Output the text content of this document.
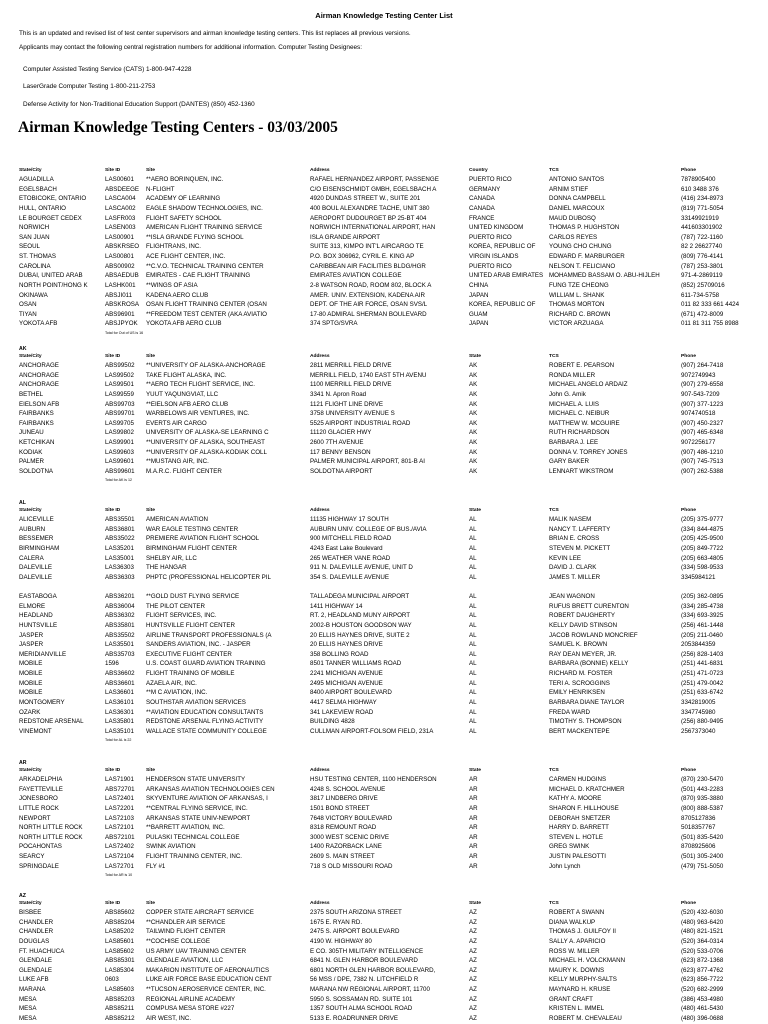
Airman Knowledge Testing Center List
This is an updated and revised list of test center supervisors and airman knowledge testing centers. This list replaces all previous versions.
Applicants may contact the following central registration numbers for additional information. Computer Testing Designees:
Computer Assisted Testing Service (CATS) 1-800-947-4228
LaserGrade Computer Testing 1-800-211-2753
Defense Activity for Non-Traditional Education Support (DANTES) (850) 452-1360
Airman Knowledge Testing Centers - 03/03/2005
State/City	Site ID	Site	Address	Country	TCS	Phone
AGUADILLA	LAS00601	**AERO BORINQUEN, INC.	RAFAEL HERNANDEZ AIRPORT, PASSENGE	PUERTO RICO	ANTONIO SANTOS	7878905400
EGELSBACH	ABSDEEGE	N-FLIGHT	C/O EISENSCHMIDT GMBH, EGELSBACH A	GERMANY	ARNIM STIEF	610 3488 376
ETOBICOKE, ONTARIO	LASCA004	ACADEMY OF LEARNING	4920 DUNDAS STREET W., SUITE 201	CANADA	DONNA CAMPBELL	(416) 234-8973
HULL, ONTARIO	LASCA002	EAGLE SHADOW TECHNOLOGIES, INC.	400 BOUL ALEXANDRE TACHE, UNIT 380	CANADA	DANIEL MARCOUX	(819) 771-5054
LE BOURGET CEDEX	LASFR003	FLIGHT SAFETY SCHOOL	AEROPORT DUDOURGET BP 25-BT 404	FRANCE	MAUD DUBOSQ	33149921919
NORWICH	LASEN003	AMERICAN FLIGHT TRAINING SERVICE	NORWICH INTERNATIONAL AIRPORT, HAN	UNITED KINGDOM	THOMAS P. HUGHSTON	441603301902
SAN JUAN	LAS00901	**ISLA GRANDE FLYING SCHOOL	ISLA GRANDE AIRPORT	PUERTO RICO	CARLOS REYES	(787) 722-1160
SEOUL	ABSKRSEO	FLIGHTRANS, INC.	SUITE 313, KIMPO INT'L AIRCARGO TE	KOREA, REPUBLIC OF	YOUNG CHO CHUNG	82 2 26627740
ST. THOMAS	LAS00801	ACE FLIGHT CENTER, INC.	P.O. BOX 306962, CYRIL E. KING AP	VIRGIN ISLANDS	EDWARD F. MARBURGER	(809) 776-4141
CAROLINA	ABS00902	**C.V.O. TECHNICAL TRAINING CENTER	CARIBBEAN AIR FACILITIES BLDG/HGR	PUERTO RICO	NELSON T. FELICIANO	(787) 253-3801
DUBAI, UNITED ARAB	ABSAEDUB	EMIRATES - CAE FLIGHT TRAINING	EMIRATES AVIATION COLLEGE	UNITED ARAB EMIRATES MOHAMMED BASSAM O. ABU-HIJLEH	971-4-2869119
NORTH POINT/HONG K	LASHK001	**WINGS OF ASIA	2-8 WATSON ROAD, ROOM 802, BLOCK A	CHINA	FUNG TZE CHEONG	(852) 25709016
OKINAWA	ABSJI011	KADENA AERO CLUB	AMER. UNIV. EXTENSION, KADENA AIR	JAPAN	WILLIAM L. SHANK	611-734-5758
OSAN	ABSKROSA	OSAN FLIGHT TRAINING CENTER (OSAN	DEPT. OF THE AIR FORCE, OSAN SVS/L	KOREA, REPUBLIC OF	THOMAS MORTON	011 82 333 661 4424
TIYAN	ABS96901	**FREEDOM TEST CENTER (AKA AVIATIO	17-80 ADMIRAL SHERMAN BOULEVARD	GUAM	RICHARD C. BROWN	(671) 472-8009
YOKOTA AFB	ABSJPYOK	YOKOTA AFB AERO CLUB	374 SPTG/SVRA	JAPAN	VICTOR ARZUAGA	011 81 311 755 8988
Total for Out of US is 16
AK
State/City	Site ID	Site	Address	State	TCS	Phone
ANCHORAGE	ABS99502	**UNIVERSITY OF ALASKA-ANCHORAGE	2811 MERRILL FIELD DRIVE	AK	ROBERT E. PEARSON	(907) 264-7418
ANCHORAGE	LAS99502	TAKE FLIGHT ALASKA, INC.	MERRILL FIELD, 1740 EAST 5TH AVENU	AK	RONDA MILLER	9072749943
ANCHORAGE	LAS99501	**AERO TECH FLIGHT SERVICE, INC.	1100 MERRILL FIELD DRIVE	AK	MICHAEL ANGELO ARDAIZ	(907) 279-6558
BETHEL	LAS99559	YUUT YAQUNGVIAT, LLC	3341 N. Apron Road	AK	John G. Amik	907-543-7209
EIELSON AFB	ABS99703	**EIELSON AFB AERO CLUB	1121 FLIGHT LINE DRIVE	AK	MICHAEL A. LUIS	(907) 377-1223
FAIRBANKS	ABS99701	WARBELOWS AIR VENTURES, INC.	3758 UNIVERSITY AVENUE S	AK	MICHAEL C. NEIBUR	9074740518
FAIRBANKS	LAS99705	EVERTS AIR CARGO	5525 AIRPORT INDUSTRIAL ROAD	AK	MATTHEW W. MCGUIRE	(907) 450-2327
JUNEAU	LAS99802	UNIVERSITY OF ALASKA-SE LEARNING C	11120 GLACIER HWY	AK	RUTH RICHARDSON	(907) 465-6348
KETCHIKAN	LAS99901	**UNIVERSITY OF ALASKA, SOUTHEAST	2600 7TH AVENUE	AK	BARBARA J. LEE	9072256177
KODIAK	LAS99603	**UNIVERSITY OF ALASKA-KODIAK COLL	117 BENNY BENSON	AK	DONNA V. TORREY JONES	(907) 486-1210
PALMER	LAS99601	**MUSTANG AIR, INC.	PALMER MUNICIPAL AIRPORT, 801-B AI	AK	GARY BAKER	(907) 745-7513
SOLDOTNA	ABS99601	M.A.R.C. FLIGHT CENTER	SOLDOTNA AIRPORT	AK	LENNART WIKSTROM	(907) 262-5388
Total for AK is 12
AL
State/City	Site ID	Site	Address	State	TCS	Phone
ALICEVILLE	ABS35501	AMERICAN AVIATION	11135 HIGHWAY 17 SOUTH	AL	MALIK NASEM	(205) 375-9777
AUBURN	ABS36801	WAR EAGLE TESTING CENTER	AUBURN UNIV. COLLEGE OF BUS./AVIA	AL	NANCY T. LAFFERTY	(334) 844-4875
BESSEMER	ABS35022	PREMIERE AVIATION FLIGHT SCHOOL	900 MITCHELL FIELD ROAD	AL	BRIAN E. CROSS	(205) 425-9500
BIRMINGHAM	LAS35201	BIRMINGHAM FLIGHT CENTER	4243 East Lake Boulevard	AL	STEVEN M. PICKETT	(205) 849-7722
CALERA	LAS35001	SHELBY AIR, LLC	265 WEATHER VANE ROAD	AL	KEVIN LEE	(205) 663-4805
DALEVILLE	LAS36303	THE HANGAR	911 N. DALEVILLE AVENUE, UNIT D	AL	DAVID J. CLARK	(334) 598-9533
DALEVILLE	ABS36303	PHPTC (PROFESSIONAL HELICOPTER PIL	354 S. DALEVILLE AVENUE	AL	JAMES T. MILLER	3345984121
EASTABOGA	ABS36201	**GOLD DUST FLYING SERVICE	TALLADEGA MUNICIPAL AIRPORT	AL	JEAN WAGNON	(205) 362-0895
ELMORE	ABS36004	THE PILOT CENTER	1411 HIGHWAY 14	AL	RUFUS BRETT CURENTON	(334) 285-4738
HEADLAND	ABS36302	FLIGHT SERVICES, INC.	RT. 2, HEADLAND MUNY AIRPORT	AL	ROBERT DAUGHERTY	(334) 693-3925
HUNTSVILLE	ABS35801	HUNTSVILLE FLIGHT CENTER	2002-B HOUSTON GOODSON WAY	AL	KELLY DAVID STINSON	(256) 461-1448
JASPER	ABS35502	AIRLINE TRANSPORT PROFESSIONALS (A	20 ELLIS HAYNES DRIVE, SUITE 2	AL	JACOB ROWLAND MONCRIEF	(205) 211-0460
JASPER	LAS35501	SANDERS AVIATION, INC. - JASPER	20 ELLIS HAYNES DRIVE	AL	SAMUEL K. BROWN	2053844359
MERIDIANVILLE	ABS35703	EXECUTIVE FLIGHT CENTER	358 BOLLING ROAD	AL	RAY DEAN MEYER, JR.	(256) 828-1403
MOBILE	1596	U.S. COAST GUARD AVIATION TRAINING	8501 TANNER WILLIAMS ROAD	AL	BARBARA (BONNIE) KELLY	(251) 441-6831
MOBILE	ABS36602	FLIGHT TRAINING OF MOBILE	2241 MICHIGAN AVENUE	AL	RICHARD M. FOSTER	(251) 471-0723
MOBILE	ABS36601	AZAELA AIR, INC.	2495 MICHIGAN AVENUE	AL	TERI A. SCROGGINS	(251) 479-0042
MOBILE	LAS36601	**M C AVIATION, INC.	8400 AIRPORT BOULEVARD	AL	EMILY HENRIKSEN	(251) 633-6742
MONTGOMERY	LAS36101	SOUTHSTAR AVIATION SERVICES	4417 SELMA HIGHWAY	AL	BARBARA DIANE TAYLOR	3342819005
OZARK	LAS36301	**AVIATION EDUCATION CONSULTANTS	341 LAKEVIEW ROAD	AL	FREDA WARD	3347745980
REDSTONE ARSENAL	LAS35801	REDSTONE ARSENAL FLYING ACTIVITY	BUILDING 4828	AL	TIMOTHY S. THOMPSON	(256) 880-9495
VINEMONT	LAS35101	WALLACE STATE COMMUNITY COLLEGE	CULLMAN AIRPORT-FOLSOM FIELD, 231A	AL	BERT MACKENTEPE	2567373040
Total for AL is 22
AR
State/City	Site ID	Site	Address	State	TCS	Phone
ARKADELPHIA	LAS71901	HENDERSON STATE UNIVERSITY	HSU TESTING CENTER, 1100 HENDERSON	AR	CARMEN HUDGINS	(870) 230-5470
FAYETTEVILLE	ABS72701	ARKANSAS AVIATION TECHNOLOGIES CEN	4248 S. SCHOOL AVENUE	AR	MICHAEL D. KRATCHMER	(501) 443-2283
JONESBORO	LAS72401	SKYVENTURE AVIATION OF ARKANSAS, I	3817 LINDBERG DRIVE	AR	KATHY A. MOORE	(870) 935-3880
LITTLE ROCK	LAS72201	**CENTRAL FLYING SERVICE, INC.	1501 BOND STREET	AR	SHARON F. HILLHOUSE	(800) 888-5387
NEWPORT	LAS72103	ARKANSAS STATE UNIV-NEWPORT	7648 VICTORY BOULEVARD	AR	DEBORAH SNETZER	8705127836
NORTH LITTLE ROCK	LAS72101	**BARRETT AVIATION, INC.	8318 REMOUNT ROAD	AR	HARRY D. BARRETT	5018357767
NORTH LITTLE ROCK	ABS72101	PULASKI TECHNICAL COLLEGE	3000 WEST SCENIC DRIVE	AR	STEVEN L. HOTLE	(501) 835-5420
POCAHONTAS	LAS72402	SWINK AVIATION	1400 RAZORBACK LANE	AR	GREG SWINK	8708925606
SEARCY	LAS72104	FLIGHT TRAINING CENTER, INC.	2609 S. MAIN STREET	AR	JUSTIN PALESOTTI	(501) 305-2400
SPRINGDALE	LAS72701	FLY #1	718 S OLD MISSOURI ROAD	AR	John Lynch	(479) 751-5050
Total for AR is 10
AZ
State/City	Site ID	Site	Address	State	TCS	Phone
BISBEE	ABS85602	COPPER STATE AIRCRAFT SERVICE	2375 SOUTH ARIZONA STREET	AZ	ROBERT A SWANN	(520) 432-6030
CHANDLER	ABS85204	**CHANDLER AIR SERVICE	1675 E. RYAN RD.	AZ	DIANA WALKUP	(480) 963-6420
CHANDLER	LAS85202	TAILWIND FLIGHT CENTER	2475 S. AIRPORT BOULEVARD	AZ	THOMAS J. GUILFOY II	(480) 821-1521
DOUGLAS	LAS85601	**COCHISE COLLEGE	4190 W. HIGHWAY 80	AZ	SALLY A. APARICIO	(520) 364-0314
FT. HUACHUCA	LAS85602	US ARMY UAV TRAINING CENTER	E CO. 305TH MILITARY INTELLIGENCE	AZ	ROSS W. MILLER	(520) 533-0706
GLENDALE	ABS85301	GLENDALE AVIATION, LLC	6841 N. GLEN HARBOR BOULEVARD	AZ	MICHAEL H. VOLCKMANN	(623) 872-1368
GLENDALE	LAS85304	MAKARION INSTITUTE OF AERONAUTICS	6801 NORTH GLEN HARBOR BOULEVARD,	AZ	MAURY K. DOWNS	(623) 877-4762
LUKE AFB	0603	LUKE AIR FORCE BASE EDUCATION CENT	56 MSS / DPE, 7382 N. LITCHFIELD R	AZ	KELLY MURPHY-SALTS	(623) 856-7722
MARANA	LAS85603	**TUCSON AEROSERVICE CENTER, INC.	MARANA NW REGIONAL AIRPORT, 11700	AZ	MAYNARD H. KRUSE	(520) 682-2999
MESA	ABS85203	REGIONAL AIRLINE ACADEMY	5950 S. SOSSAMAN RD. SUITE 101	AZ	GRANT CRAFT	(386) 453-4980
MESA	ABS85211	COMPUSA MESA STORE #227	1357 SOUTH ALMA SCHOOL ROAD	AZ	KRISTEN L. IMMEL	(480) 461-5430
MESA	ABS85212	AIR WEST, INC.	5133 E. ROADRUNNER DRIVE	AZ	ROBERT M. CHEVALEAU	(480) 396-0688
